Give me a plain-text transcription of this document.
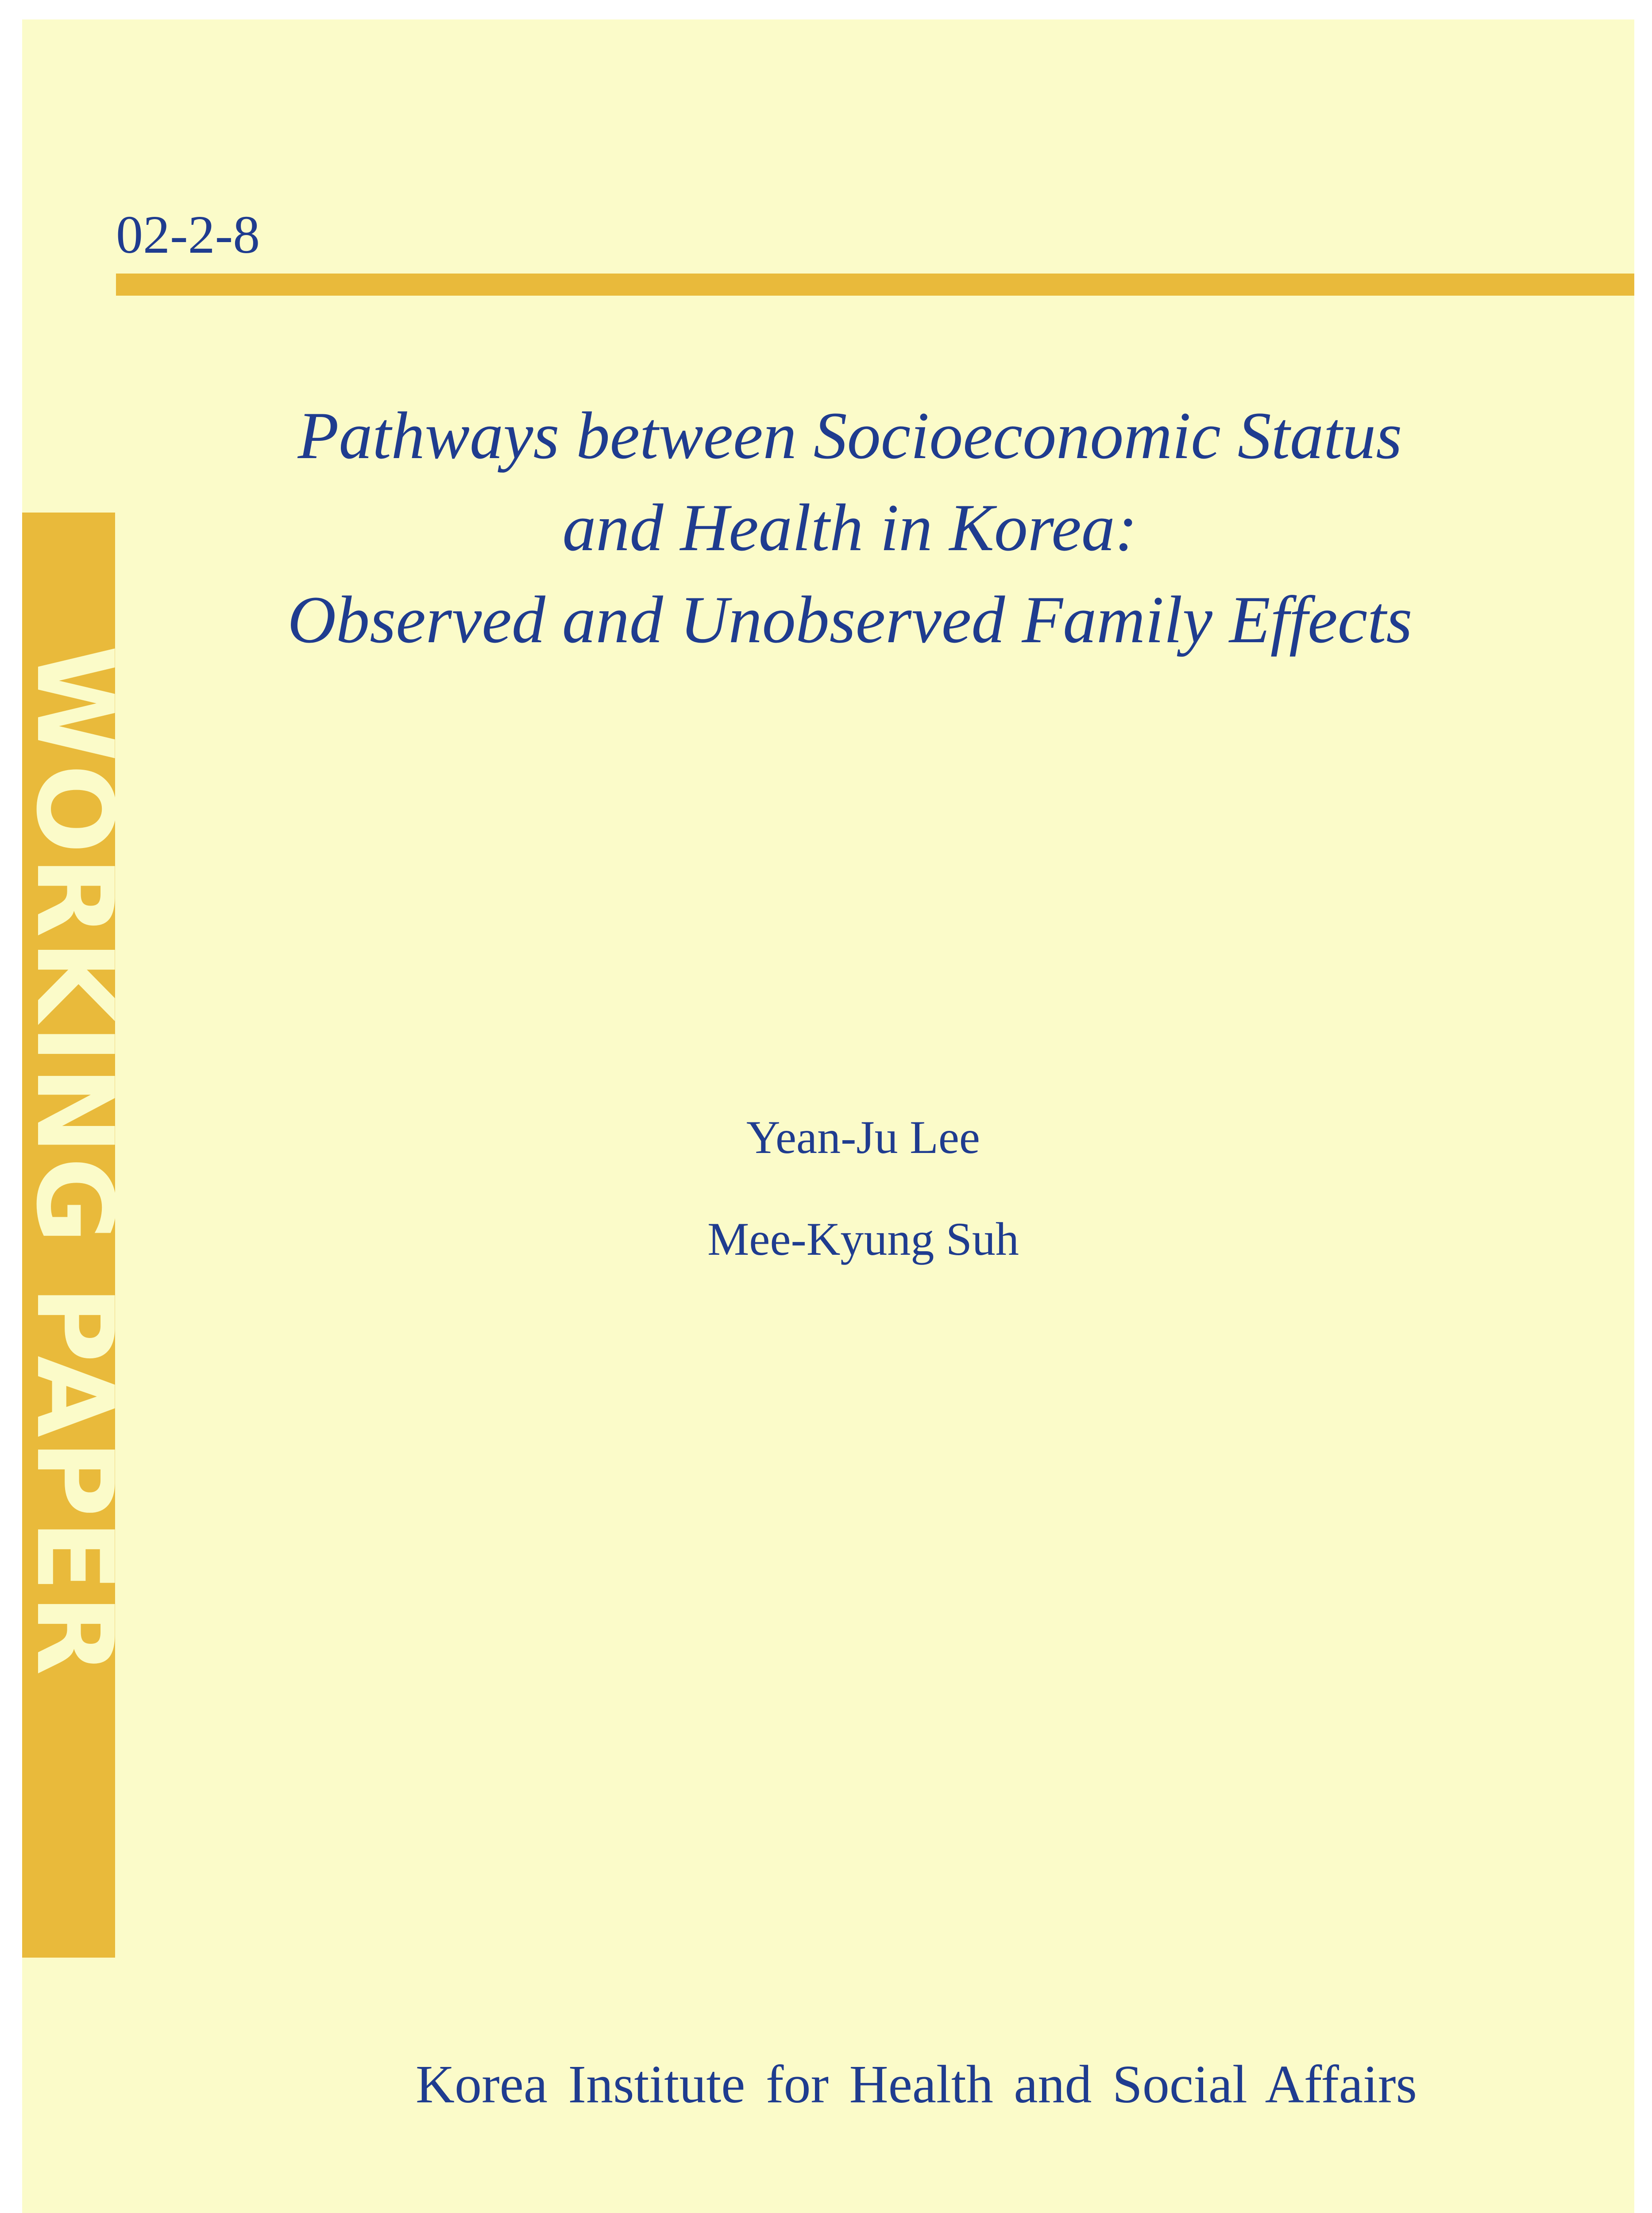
02-2-8
WORKING PAPER
Pathways between Socioeconomic Status
and Health in Korea:
Observed and Unobserved Family Effects
Yean-Ju Lee
Mee-Kyung Suh
Korea Institute for Health and Social Affairs
